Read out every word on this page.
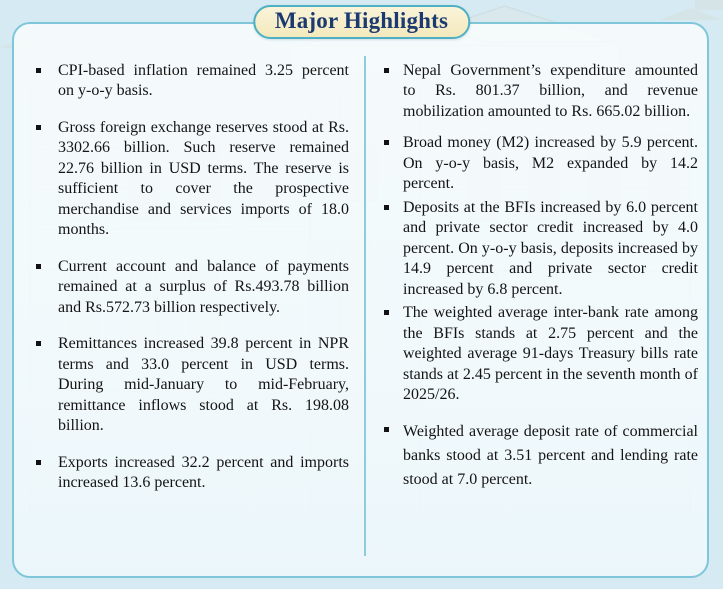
CPI-based inflation remained 3.25 percent on y-o-y basis.

Gross foreign exchange reserves stood at Rs. 3302.66 billion. Such reserve remained 22.76 billion in USD terms. The reserve is sufficient to cover the prospective merchandise and services imports of 18.0 months.

Current account and balance of payments remained at a surplus of Rs.493.78 billion and Rs.572.73 billion respectively.

Remittances increased 39.8 percent in NPR terms and 33.0 percent in USD terms. During mid-January to mid-February, remittance inflows stood at Rs. 198.08 billion.

Exports increased 32.2 percent and imports increased 13.6 percent.

Nepal Government’s expenditure amounted to Rs. 801.37 billion, and revenue mobilization amounted to Rs. 665.02 billion.

Broad money (M2) increased by 5.9 percent. On y-o-y basis, M2 expanded by 14.2 percent.

Deposits at the BFIs increased by 6.0 percent and private sector credit increased by 4.0 percent. On y-o-y basis, deposits increased by 14.9 percent and private sector credit increased by 6.8 percent.

The weighted average inter-bank rate among the BFIs stands at 2.75 percent and the weighted average 91-days Treasury bills rate stands at 2.45 percent in the seventh month of 2025/26.

Weighted average deposit rate of commercial banks stood at 3.51 percent and lending rate stood at 7.0 percent.

Major Highlights
